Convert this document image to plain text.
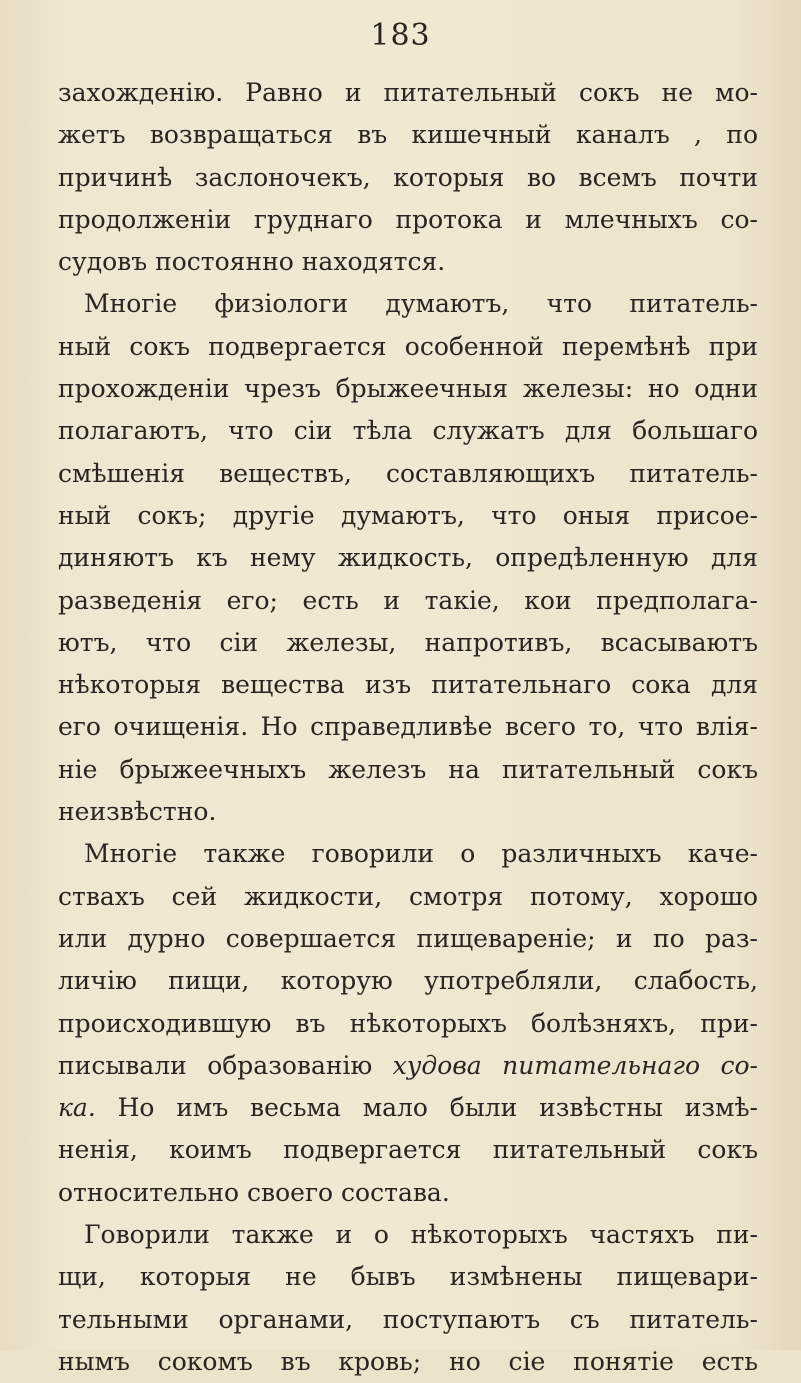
183
захожденію. Равно и питательный сокъ не мо-
жетъ возвращаться въ кишечный каналъ , по
причинѣ заслоночекъ, которыя во всемъ почти
продолженіи груднаго протока и млечныхъ со-
судовъ постоянно находятся.
Многіе физіологи думаютъ, что питатель-
ный сокъ подвергается особенной перемѣнѣ при
прохожденіи чрезъ брыжеечныя железы: но одни
полагаютъ, что сіи тѣла служатъ для большаго
смѣшенія веществъ, составляющихъ питатель-
ный сокъ; другіе думаютъ, что оныя присое-
диняютъ къ нему жидкость, опредѣленную для
разведенія его; есть и такіе, кои предполага-
ютъ, что сіи железы, напротивъ, всасываютъ
нѣкоторыя вещества изъ питательнаго сока для
его очищенія. Но справедливѣе всего то, что влія-
ніе брыжеечныхъ железъ на питательный сокъ
неизвѣстно.
Многіе также говорили о различныхъ каче-
ствахъ сей жидкости, смотря потому, хорошо
или дурно совершается пищевареніе; и по раз-
личію пищи, которую употребляли, слабость,
происходившую въ нѣкоторыхъ болѣзняхъ, при-
писывали образованію худова питательнаго со-
ка. Но имъ весьма мало были извѣстны измѣ-
ненія, коимъ подвергается питательный сокъ
относительно своего состава.
Говорили также и о нѣкоторыхъ частяхъ пи-
щи, которыя не бывъ измѣнены пищевари-
тельными органами, поступаютъ съ питатель-
нымъ сокомъ въ кровь; но сіе понятіе есть
